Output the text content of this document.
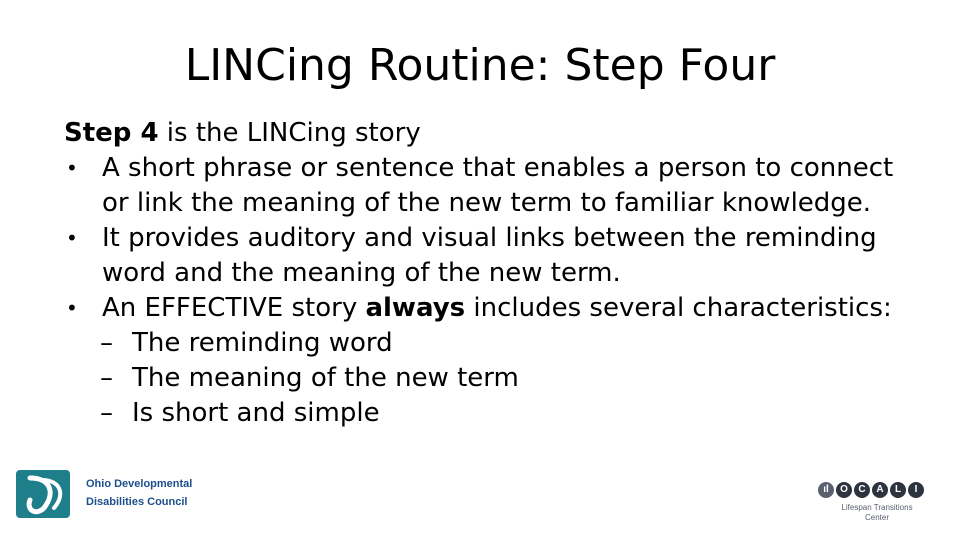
LINCing Routine: Step Four
Step 4 is the LINCing story
• A short phrase or sentence that enables a person to connect or link the meaning of the new term to familiar knowledge.
• It provides auditory and visual links between the reminding word and the meaning of the new term.
• An EFFECTIVE story always includes several characteristics:
– The reminding word
– The meaning of the new term
– Is short and simple
Ohio Developmental
Disabilities Council
ıl	O	C	A	L	I
Lifespan Transitions
Center
